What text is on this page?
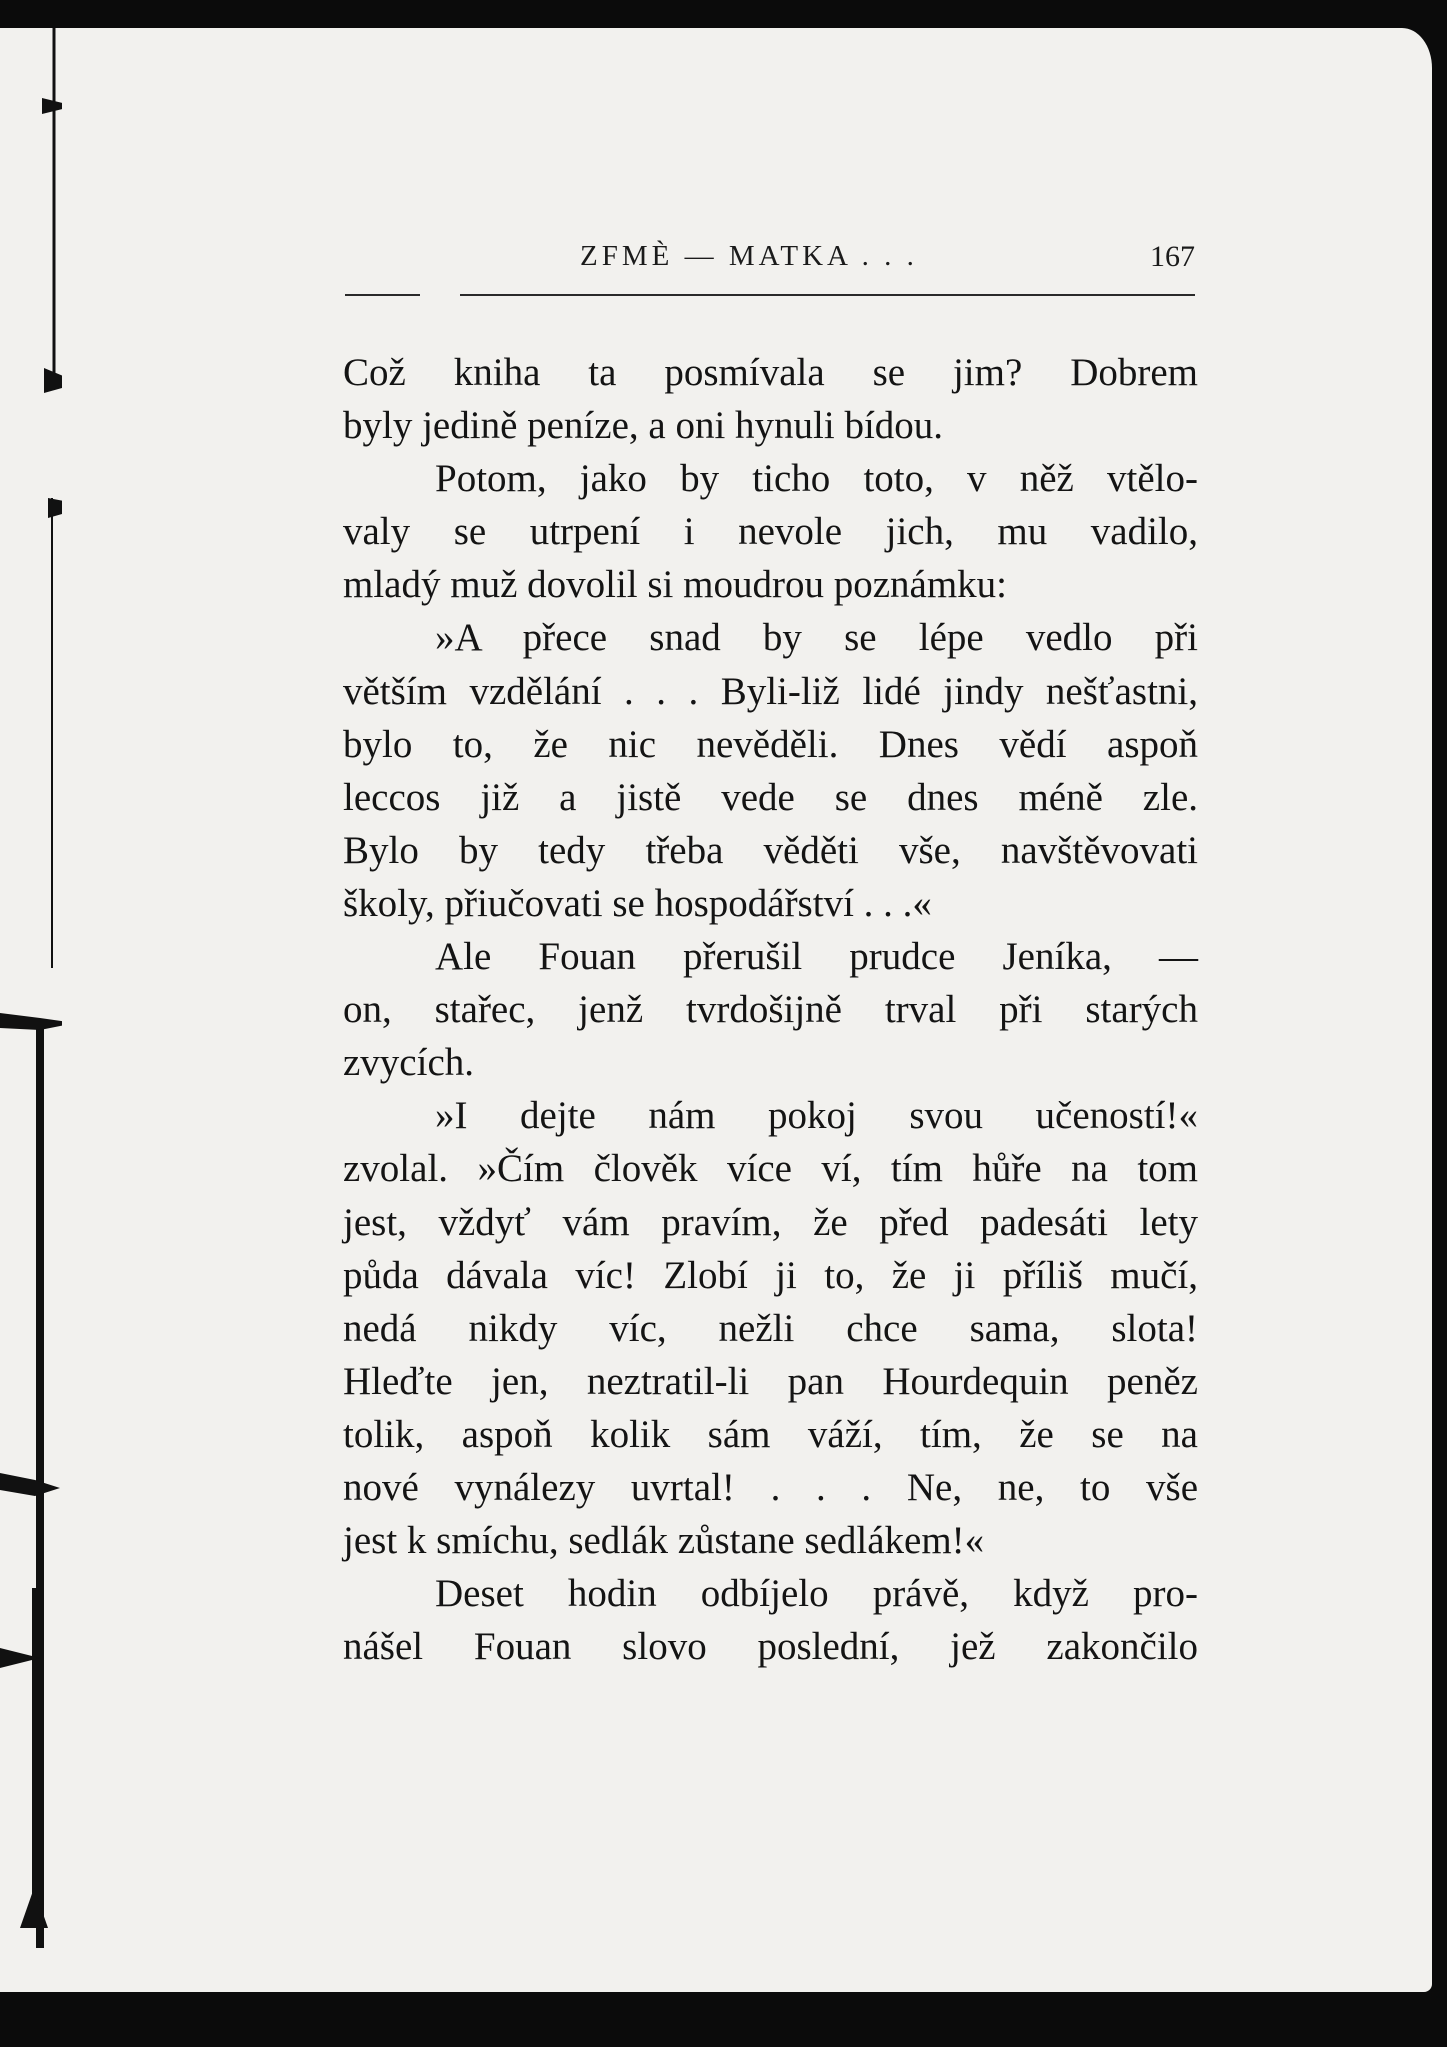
ZFMÈ — MATKA . . .	167
Což kniha ta posmívala se jim? Dobrem
byly jedině peníze, a oni hynuli bídou.
Potom, jako by ticho toto, v něž vtělo-
valy se utrpení i nevole jich, mu vadilo,
mladý muž dovolil si moudrou poznámku:
»A přece snad by se lépe vedlo při
větším vzdělání . . . Byli-liž lidé jindy nešťastni,
bylo to, že nic nevěděli. Dnes vědí aspoň
leccos již a jistě vede se dnes méně zle.
Bylo by tedy třeba věděti vše, navštěvovati
školy, přiučovati se hospodářství . . .«
Ale Fouan přerušil prudce Jeníka, —
on, stařec, jenž tvrdošijně trval při starých
zvycích.
»I dejte nám pokoj svou učeností!«
zvolal. »Čím člověk více ví, tím hůře na tom
jest, vždyť vám pravím, že před padesáti lety
půda dávala víc! Zlobí ji to, že ji příliš mučí,
nedá nikdy víc, nežli chce sama, slota!
Hleďte jen, neztratil-li pan Hourdequin peněz
tolik, aspoň kolik sám váží, tím, že se na
nové vynálezy uvrtal! . . . Ne, ne, to vše
jest k smíchu, sedlák zůstane sedlákem!«
Deset hodin odbíjelo právě, když pro-
nášel Fouan slovo poslední, jež zakončilo
